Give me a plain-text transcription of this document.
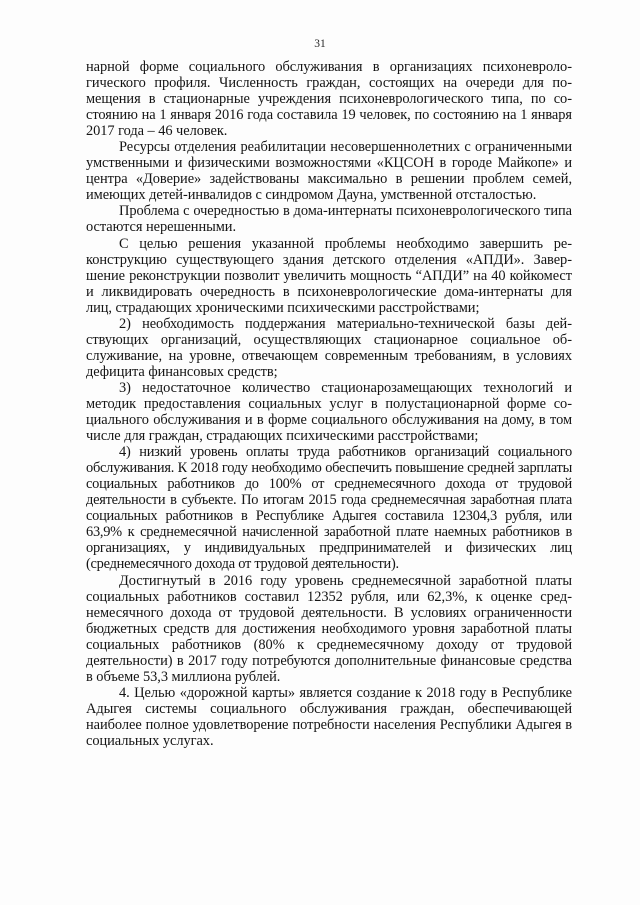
31

нарной форме социального обслуживания в организациях психоневрологического профиля. Численность граждан, состоящих на очереди для помещения в стационарные учреждения психоневрологического типа, по состоянию на 1 января 2016 года составила 19 человек, по состоянию на 1 января 2017 года – 46 человек.

Ресурсы отделения реабилитации несовершеннолетних с ограниченными умственными и физическими возможностями «КЦСОН в городе Майкопе» и центра «Доверие» задействованы максимально в решении проблем семей, имеющих детей-инвалидов с синдромом Дауна, умственной отсталостью.

Проблема с очередностью в дома-интернаты психоневрологического типа остаются нерешенными.

С целью решения указанной проблемы необходимо завершить реконструкцию существующего здания детского отделения «АПДИ». Завершение реконструкции позволит увеличить мощность “АПДИ” на 40 койкомест и ликвидировать очередность в психоневрологические дома-интернаты для лиц, страдающих хроническими психическими расстройствами;

2) необходимость поддержания материально-технической базы действующих организаций, осуществляющих стационарное социальное обслуживание, на уровне, отвечающем современным требованиям, в условиях дефицита финансовых средств;

3) недостаточное количество стационарозамещающих технологий и методик предоставления социальных услуг в полустационарной форме социального обслуживания и в форме социального обслуживания на дому, в том числе для граждан, страдающих психическими расстройствами;

4) низкий уровень оплаты труда работников организаций социального обслуживания. К 2018 году необходимо обеспечить повышение средней зарплаты социальных работников до 100% от среднемесячного дохода от трудовой деятельности в субъекте. По итогам 2015 года среднемесячная заработная плата социальных работников в Республике Адыгея составила 12304,3 рубля, или 63,9% к среднемесячной начисленной заработной плате наемных работников в организациях, у индивидуальных предпринимателей и физических лиц (среднемесячного дохода от трудовой деятельности).

Достигнутый в 2016 году уровень среднемесячной заработной платы социальных работников составил 12352 рубля, или 62,3%, к оценке среднемесячного дохода от трудовой деятельности. В условиях ограниченности бюджетных средств для достижения необходимого уровня заработной платы социальных работников (80% к среднемесячному доходу от трудовой деятельности) в 2017 году потребуются дополнительные финансовые средства в объеме 53,3 миллиона рублей.

4. Целью «дорожной карты» является создание к 2018 году в Республике Адыгея системы социального обслуживания граждан, обеспечивающей наиболее полное удовлетворение потребности населения Республики Адыгея в социальных услугах.
